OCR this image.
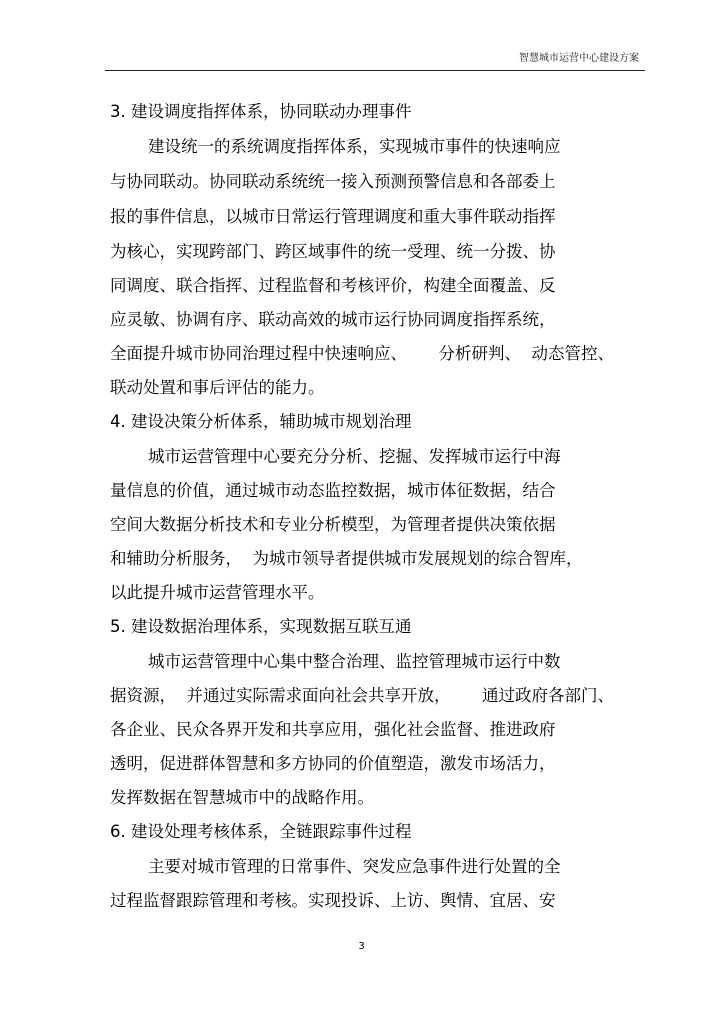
智慧城市运营中心建设方案
3. 建设调度指挥体系，协同联动办理事件
建设统一的系统调度指挥体系，实现城市事件的快速响应
与协同联动。协同联动系统统一接入预测预警信息和各部委上
报的事件信息，以城市日常运行管理调度和重大事件联动指挥
为核心，实现跨部门、跨区域事件的统一受理、统一分拨、协
同调度、联合指挥、过程监督和考核评价，构建全面覆盖、反
应灵敏、协调有序、联动高效的城市运行协同调度指挥系统，
全面提升城市协同治理过程中快速响应、      分析研判、  动态管控、
联动处置和事后评估的能力。
4. 建设决策分析体系，辅助城市规划治理
城市运营管理中心要充分分析、挖掘、发挥城市运行中海
量信息的价值，通过城市动态监控数据，城市体征数据，结合
空间大数据分析技术和专业分析模型，为管理者提供决策依据
和辅助分析服务，  为城市领导者提供城市发展规划的综合智库，
以此提升城市运营管理水平。
5. 建设数据治理体系，实现数据互联互通
城市运营管理中心集中整合治理、监控管理城市运行中数
据资源，  并通过实际需求面向社会共享开放，      通过政府各部门、
各企业、民众各界开发和共享应用，强化社会监督、推进政府
透明，促进群体智慧和多方协同的价值塑造，激发市场活力，
发挥数据在智慧城市中的战略作用。
6. 建设处理考核体系，全链跟踪事件过程
主要对城市管理的日常事件、突发应急事件进行处置的全
过程监督跟踪管理和考核。实现投诉、上访、舆情、宜居、安
3
